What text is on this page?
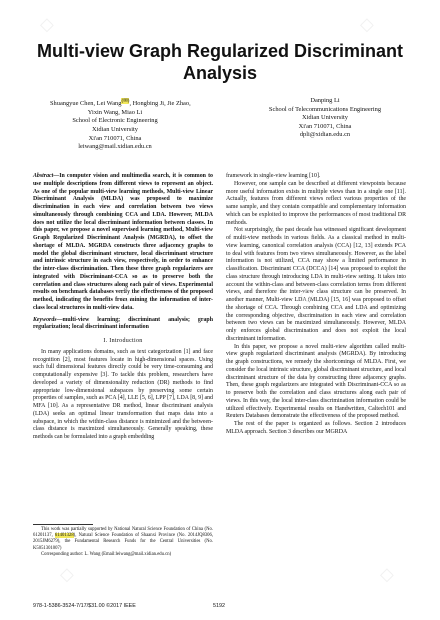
Multi-view Graph Regularized Discriminant
Analysis
Shuangyue Chen, Lei Wang(✉), Hongbing Ji, Jie Zhao,
Yixin Wang, Miao Li
School of Electronic Engineering
Xidian University
Xi'an 710071, China
leiwang@mail.xidian.edu.cn
Danping Li
School of Telecommunications Engineering
Xidian University
Xi'an 710071, China
dpli@xidian.edu.cn

Abstract—In computer vision and multimedia search, it is common to use multiple descriptions from different views to represent an object. As one of the popular multi-view learning methods, Multi-view Linear Discriminant Analysis (MLDA) was proposed to maximize discrimination in each view and correlation between two views simultaneously through combining CCA and LDA. However, MLDA does not utilize the local discriminant information between classes. In this paper, we propose a novel supervised learning method, Multi-view Graph Regularized Discriminant Analysis (MGRDA), to offset the shortage of MLDA. MGRDA constructs three adjacency graphs to model the global discriminant structure, local discriminant structure and intrinsic structure in each view, respectively, in order to enhance the inter-class discrimination. Then these three graph regularizers are integrated with Discriminant-CCA so as to preserve both the correlation and class structures along each pair of views. Experimental results on benchmark databases verify the effectiveness of the proposed method, indicating the benefits from mining the information of inter-class local structures in multi-view data.

Keywords—multi-view learning; discriminant analysis; graph regularization; local discriminant information

I. Introduction

In many applications domains, such as text categorization [1] and face recognition [2], most features locate in high-dimensional spaces. Using such full dimensional features directly could be very time-consuming and computationally expensive [3]. To tackle this problem, researchers have developed a variety of dimensionality reduction (DR) methods to find appropriate low-dimensional subspaces by preserving some certain properties of samples, such as PCA [4], LLE [5, 6], LPP [7], LDA [8, 9] and MFA [10]. As a representative DR method, linear discriminant analysis (LDA) seeks an optimal linear transformation that maps data into a subspace, in which the within-class distance is minimized and the between-class distance is maximized simultaneously. Generally speaking, these methods can be formulated into a graph embedding

This work was partially supported by National Natural Science Foundation of China (No. 61201137, 61401328), Natural Science Foundation of Shaanxi Province (No. 2014JQ8306, 2015JM6279), the Fundamental Research Funds for the Central Universities (No. K5051301007)

Corresponding author: L. Wang (Email:leiwang@mail.xidian.edu.cn)

framework in single-view learning [10].

However, one sample can be described at different viewpoints because more useful information exists in multiple views than in a single one [11]. Actually, features from different views reflect various properties of the same sample, and they contain compatible and complementary information which can be exploited to improve the performances of most traditional DR methods.

Not surprisingly, the past decade has witnessed significant development of multi-view methods in various fields. As a classical method in multi-view learning, canonical correlation analysis (CCA) [12, 13] extends PCA to deal with features from two views simultaneously. However, as the label information is not utilized, CCA may show a limited performance in classification. Discriminant CCA (DCCA) [14] was proposed to exploit the class structure through introducing LDA in multi-view setting. It takes into account the within-class and between-class correlation terms from different views, and therefore the inter-view class structure can be preserved. In another manner, Multi-view LDA (MLDA) [15, 16] was proposed to offset the shortage of CCA. Through combining CCA and LDA and optimizing the corresponding objective, discrimination in each view and correlation between two views can be maximized simultaneously. However, MLDA only enforces global discrimination and does not exploit the local discriminant information.

In this paper, we propose a novel multi-view algorithm called multi-view graph regularized discriminant analysis (MGRDA). By introducing the graph constructions, we remedy the shortcomings of MLDA. First, we consider the local intrinsic structure, global discriminant structure, and local discriminant structure of the data by constructing three adjacency graphs. Then, these graph regularizers are integrated with Discriminant-CCA so as to preserve both the correlation and class structures along each pair of views. In this way, the local inter-class discrimination information could be utilized effectively. Experimental results on Handwritten, Caltech101 and Reuters Databases demonstrate the effectiveness of the proposed method.

The rest of the paper is organized as follows. Section 2 introduces MLDA approach. Section 3 describes our MGRDA

978-1-5386-3524-7/17/$31.00 ©2017 IEEE	5192
◇	◇
◇	◇
◇	◇
